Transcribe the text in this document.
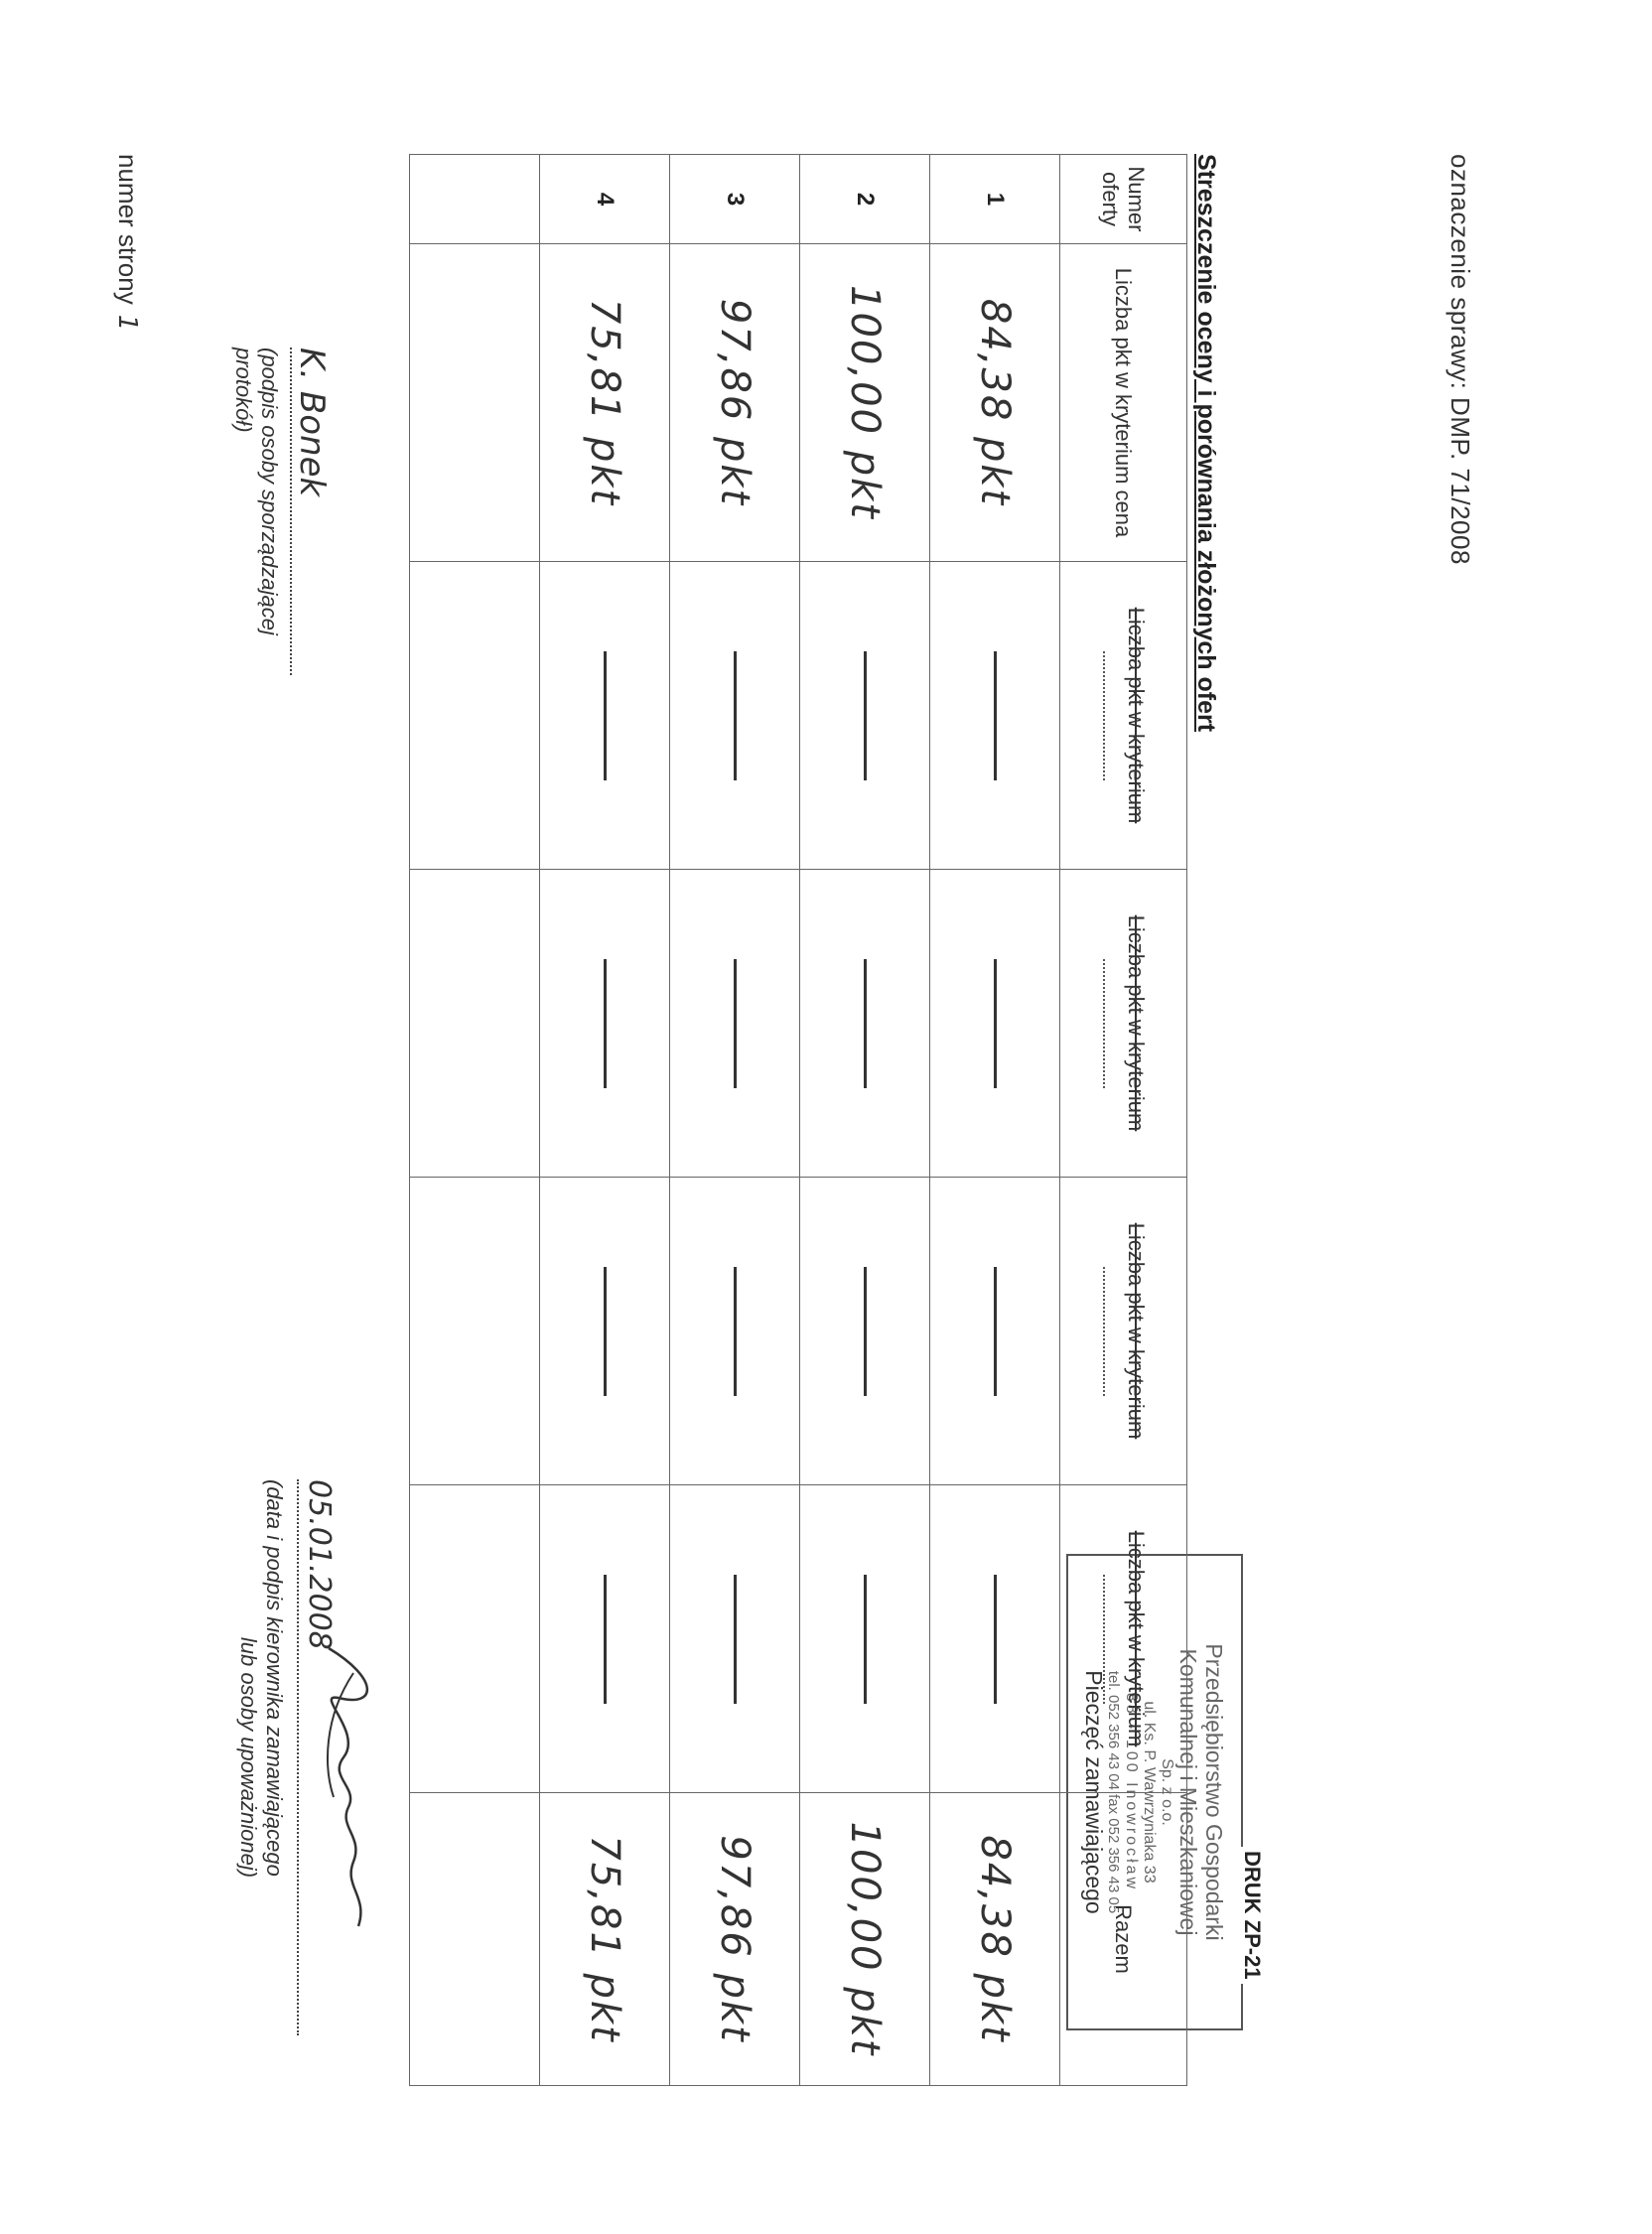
oznaczenie sprawy: DMP. 71/2008
Przedsiębiorstwo Gospodarki
Komunalnej i Mieszkaniowej
Sp. z o.o.
ul. Ks. P. Wawrzyniaka 33
88 - 100 Inowrocław
tel. 052 356 43 04 fax 052 356 43 05
Pieczęć zamawiającego
DRUK ZP-21
Streszczenie oceny i porównania złożonych ofert
Numer oferty	Liczba pkt w kryterium cena	Liczba pkt w kryterium	Liczba pkt w kryterium	Liczba pkt w kryterium	Liczba pkt w kryterium	Razem

1	84,38 pkt					84,38 pkt
2	100,00 pkt					100,00 pkt
3	97,86 pkt					97,86 pkt
4	75,81 pkt					75,81 pkt

K. Bonek
(podpis osoby sporządzającej protokół)
05.01.2008
(data i podpis kierownika zamawiającego
lub osoby upoważnionej)
numer strony1
